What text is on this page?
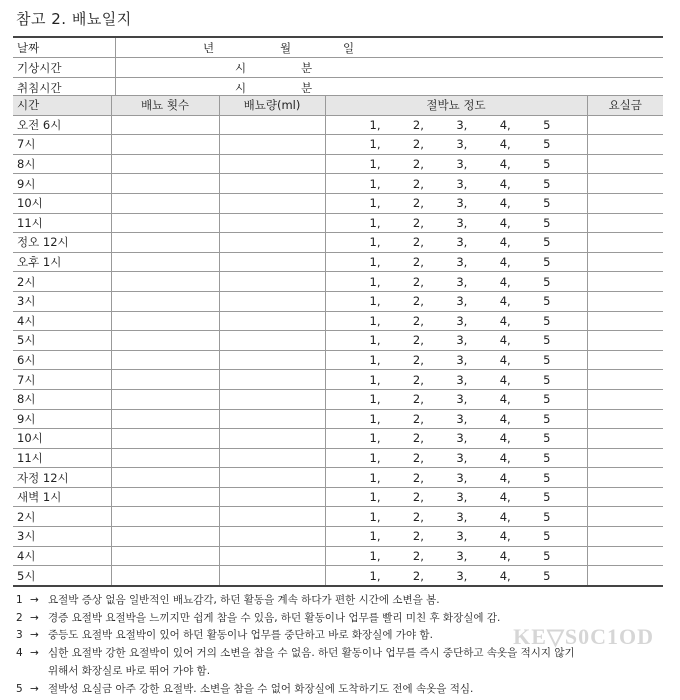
참고 2. 배뇨일지
날짜	년	월	일
기상시간	시	분
취침시간	시	분
시간	배뇨 횟수	배뇨량(ml)	절박뇨 정도	요실금
오전 6시			1, 2, 3, 4, 5	

7시			1, 2, 3, 4, 5	

8시			1, 2, 3, 4, 5	

9시			1, 2, 3, 4, 5	

10시			1, 2, 3, 4, 5	

11시			1, 2, 3, 4, 5	

정오 12시			1, 2, 3, 4, 5	

오후 1시			1, 2, 3, 4, 5	

2시			1, 2, 3, 4, 5	

3시			1, 2, 3, 4, 5	

4시			1, 2, 3, 4, 5	

5시			1, 2, 3, 4, 5	

6시			1, 2, 3, 4, 5	

7시			1, 2, 3, 4, 5	

8시			1, 2, 3, 4, 5	

9시			1, 2, 3, 4, 5	

10시			1, 2, 3, 4, 5	

11시			1, 2, 3, 4, 5	

자정 12시			1, 2, 3, 4, 5	

새벽 1시			1, 2, 3, 4, 5	

2시			1, 2, 3, 4, 5	

3시			1, 2, 3, 4, 5	

4시			1, 2, 3, 4, 5	

5시			1, 2, 3, 4, 5	

1 → 요절박 증상 없음 일반적인 배뇨감각, 하던 활동을 계속 하다가 편한 시간에 소변을 봄.
2 → 경증 요절박 요절박을 느끼지만 쉽게 참을 수 있음, 하던 활동이나 업무를 빨리 미친 후 화장실에 감.
3 → 중등도 요절박 요절박이 있어 하던 활동이나 업무를 중단하고 바로 화장실에 가야 함.
4 → 심한 요절박 강한 요절박이 있어 거의 소변을 참을 수 없음. 하던 활동이나 업무를 즉시 중단하고 속옷을 적시지 않기
위해서 화장실로 바로 뛰어 가야 함.
5 → 절박성 요실금 아주 강한 요절박. 소변을 참을 수 없어 화장실에 도착하기도 전에 속옷을 적심.
KE▽S0C1OD
